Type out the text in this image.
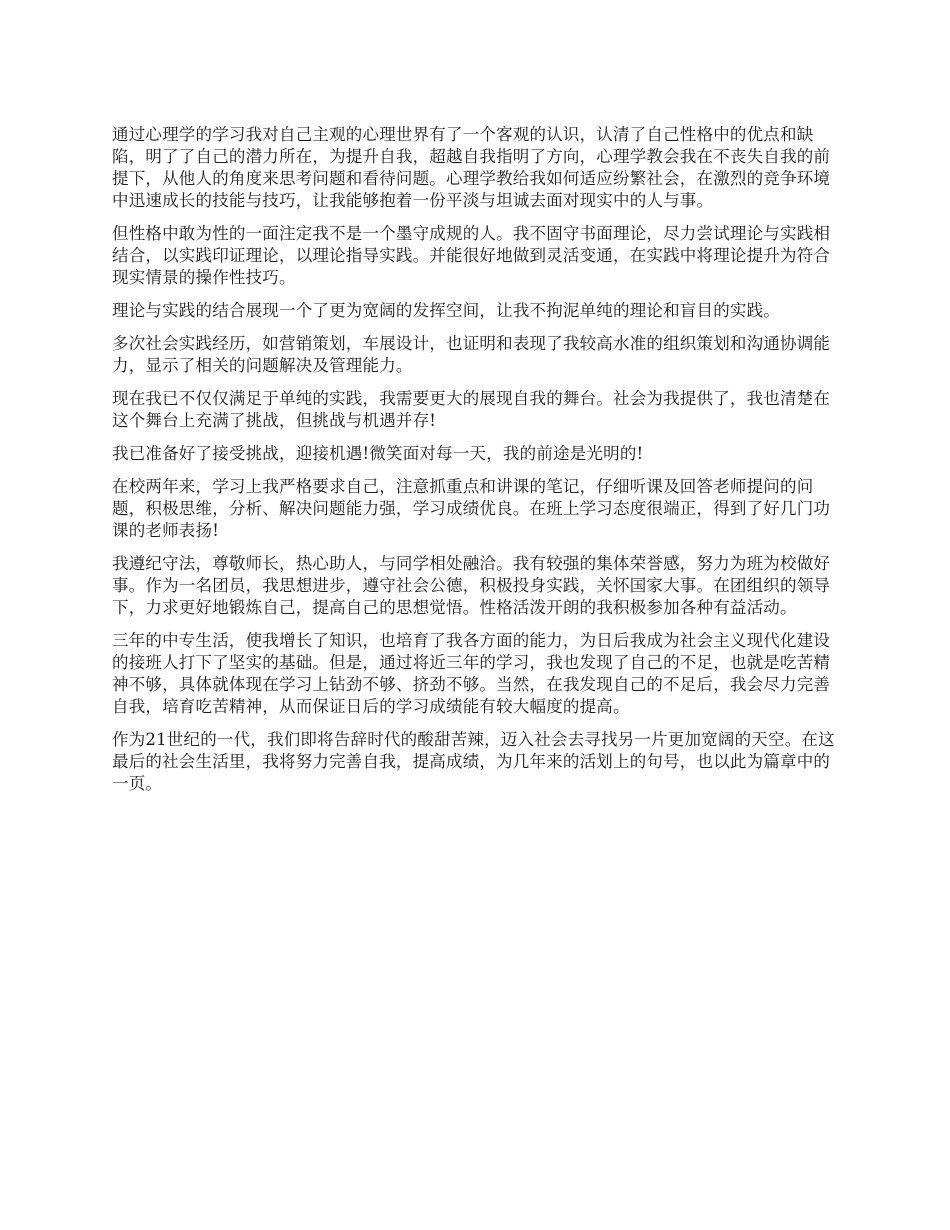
通过心理学的学习我对自己主观的心理世界有了一个客观的认识，认清了自己性格中的优点和缺陷，明了了自己的潜力所在，为提升自我，超越自我指明了方向，心理学教会我在不丧失自我的前提下，从他人的角度来思考问题和看待问题。心理学教给我如何适应纷繁社会，在激烈的竞争环境中迅速成长的技能与技巧，让我能够抱着一份平淡与坦诚去面对现实中的人与事。

但性格中敢为性的一面注定我不是一个墨守成规的人。我不固守书面理论，尽力尝试理论与实践相结合，以实践印证理论，以理论指导实践。并能很好地做到灵活变通，在实践中将理论提升为符合现实情景的操作性技巧。

理论与实践的结合展现一个了更为宽阔的发挥空间，让我不拘泥单纯的理论和盲目的实践。

多次社会实践经历，如营销策划，车展设计，也证明和表现了我较高水准的组织策划和沟通协调能力，显示了相关的问题解决及管理能力。

现在我已不仅仅满足于单纯的实践，我需要更大的展现自我的舞台。社会为我提供了，我也清楚在这个舞台上充满了挑战，但挑战与机遇并存!

我已准备好了接受挑战，迎接机遇!微笑面对每一天，我的前途是光明的!

在校两年来，学习上我严格要求自己，注意抓重点和讲课的笔记，仔细听课及回答老师提问的问题，积极思维，分析、解决问题能力强，学习成绩优良。在班上学习态度很端正，得到了好几门功课的老师表扬!

我遵纪守法，尊敬师长，热心助人，与同学相处融洽。我有较强的集体荣誉感，努力为班为校做好事。作为一名团员，我思想进步，遵守社会公德，积极投身实践，关怀国家大事。在团组织的领导下，力求更好地锻炼自己，提高自己的思想觉悟。性格活泼开朗的我积极参加各种有益活动。

三年的中专生活，使我增长了知识，也培育了我各方面的能力，为日后我成为社会主义现代化建设的接班人打下了坚实的基础。但是，通过将近三年的学习，我也发现了自己的不足，也就是吃苦精神不够，具体就体现在学习上钻劲不够、挤劲不够。当然，在我发现自己的不足后，我会尽力完善自我，培育吃苦精神，从而保证日后的学习成绩能有较大幅度的提高。

作为21世纪的一代，我们即将告辞时代的酸甜苦辣，迈入社会去寻找另一片更加宽阔的天空。在这最后的社会生活里，我将努力完善自我，提高成绩，为几年来的活划上的句号，也以此为篇章中的一页。
